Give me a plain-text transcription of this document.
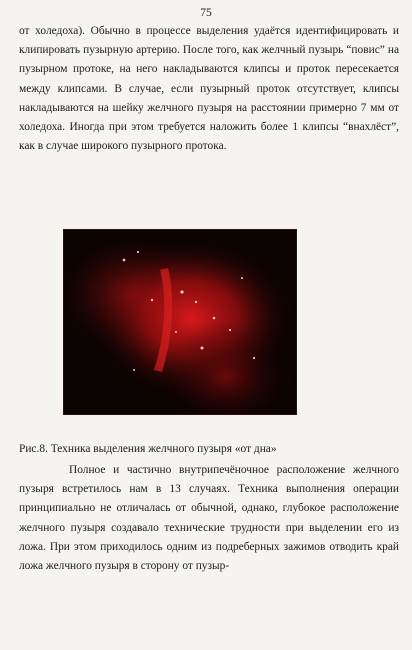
75
от холедоха). Обычно в процессе выделения удаётся идентифицировать и клипировать пузырную артерию. После того, как желчный пузырь “повис” на пузырном протоке, на него накладываются клипсы и проток пересекается между клипсами. В случае, если пузырный проток отсутствует, клипсы накладываются на шейку желчного пузыря на расстоянии примерно 7 мм от холедоха. Иногда при этом требуется наложить более 1 клипсы “внахлёст”, как в случае широкого пузырного протока.
Рис.8. Техника выделения желчного пузыря «от дна»
Полное и частично внутрипечёночное расположение желчного пузыря встретилось нам в 13 случаях. Техника выполнения операции принципиально не отличалась от обычной, однако, глубокое расположение желчного пузыря создавало технические трудности при выделении его из ложа. При этом приходилось одним из подреберных зажимов отводить край ложа желчного пузыря в сторону от пузыр-
